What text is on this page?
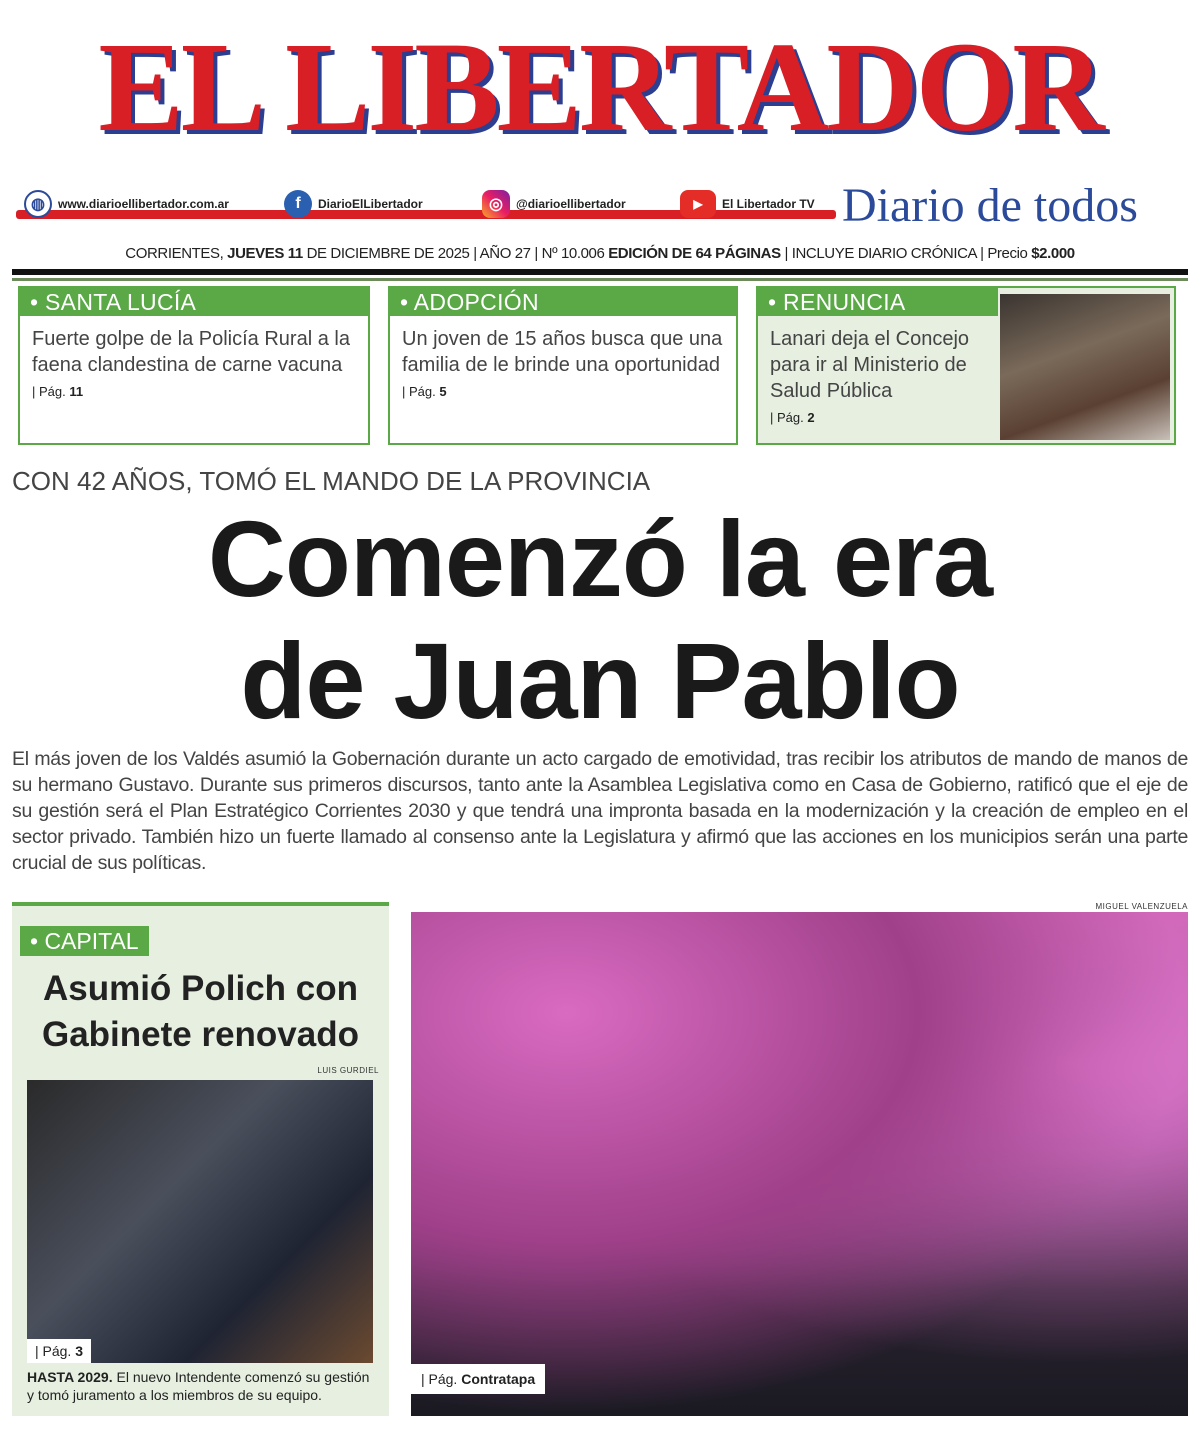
EL LIBERTADOR
◍	www.diarioellibertador.com.ar	f	DiarioElLibertador	◎	@diarioellibertador	▶	El Libertador TV Diario de todos
CORRIENTES, JUEVES 11 DE DICIEMBRE DE 2025 | AÑO 27 | Nº 10.006 EDICIÓN DE 64 PÁGINAS | INCLUYE DIARIO CRÓNICA | Precio $2.000
• SANTA LUCÍA
Fuerte golpe de la Policía Rural a la faena clandestina de carne vacuna
| Pág. 11
• ADOPCIÓN
Un joven de 15 años busca que una familia de le brinde una oportunidad
| Pág. 5
• RENUNCIA
Lanari deja el Concejo para ir al Ministerio de Salud Pública
| Pág. 2
CON 42 AÑOS, TOMÓ EL MANDO DE LA PROVINCIA
Comenzó la era
de Juan Pablo
El más joven de los Valdés asumió la Gobernación durante un acto cargado de emotividad, tras recibir los atributos de mando de manos de su hermano Gustavo. Durante sus primeros discursos, tanto ante la Asamblea Legislativa como en Casa de Gobierno, ratificó que el eje de su gestión será el Plan Estratégico Corrientes 2030 y que tendrá una impronta basada en la modernización y la creación de empleo en el sector privado. También hizo un fuerte llamado al consenso ante la Legislatura y afirmó que las acciones en los municipios serán una parte crucial de sus políticas.
• CAPITAL
Asumió Polich con Gabinete renovado
LUIS GURDIEL
| Pág. 3
HASTA 2029. El nuevo Intendente comenzó su gestión y tomó juramento a los miembros de su equipo.
MIGUEL VALENZUELA
| Pág. Contratapa
